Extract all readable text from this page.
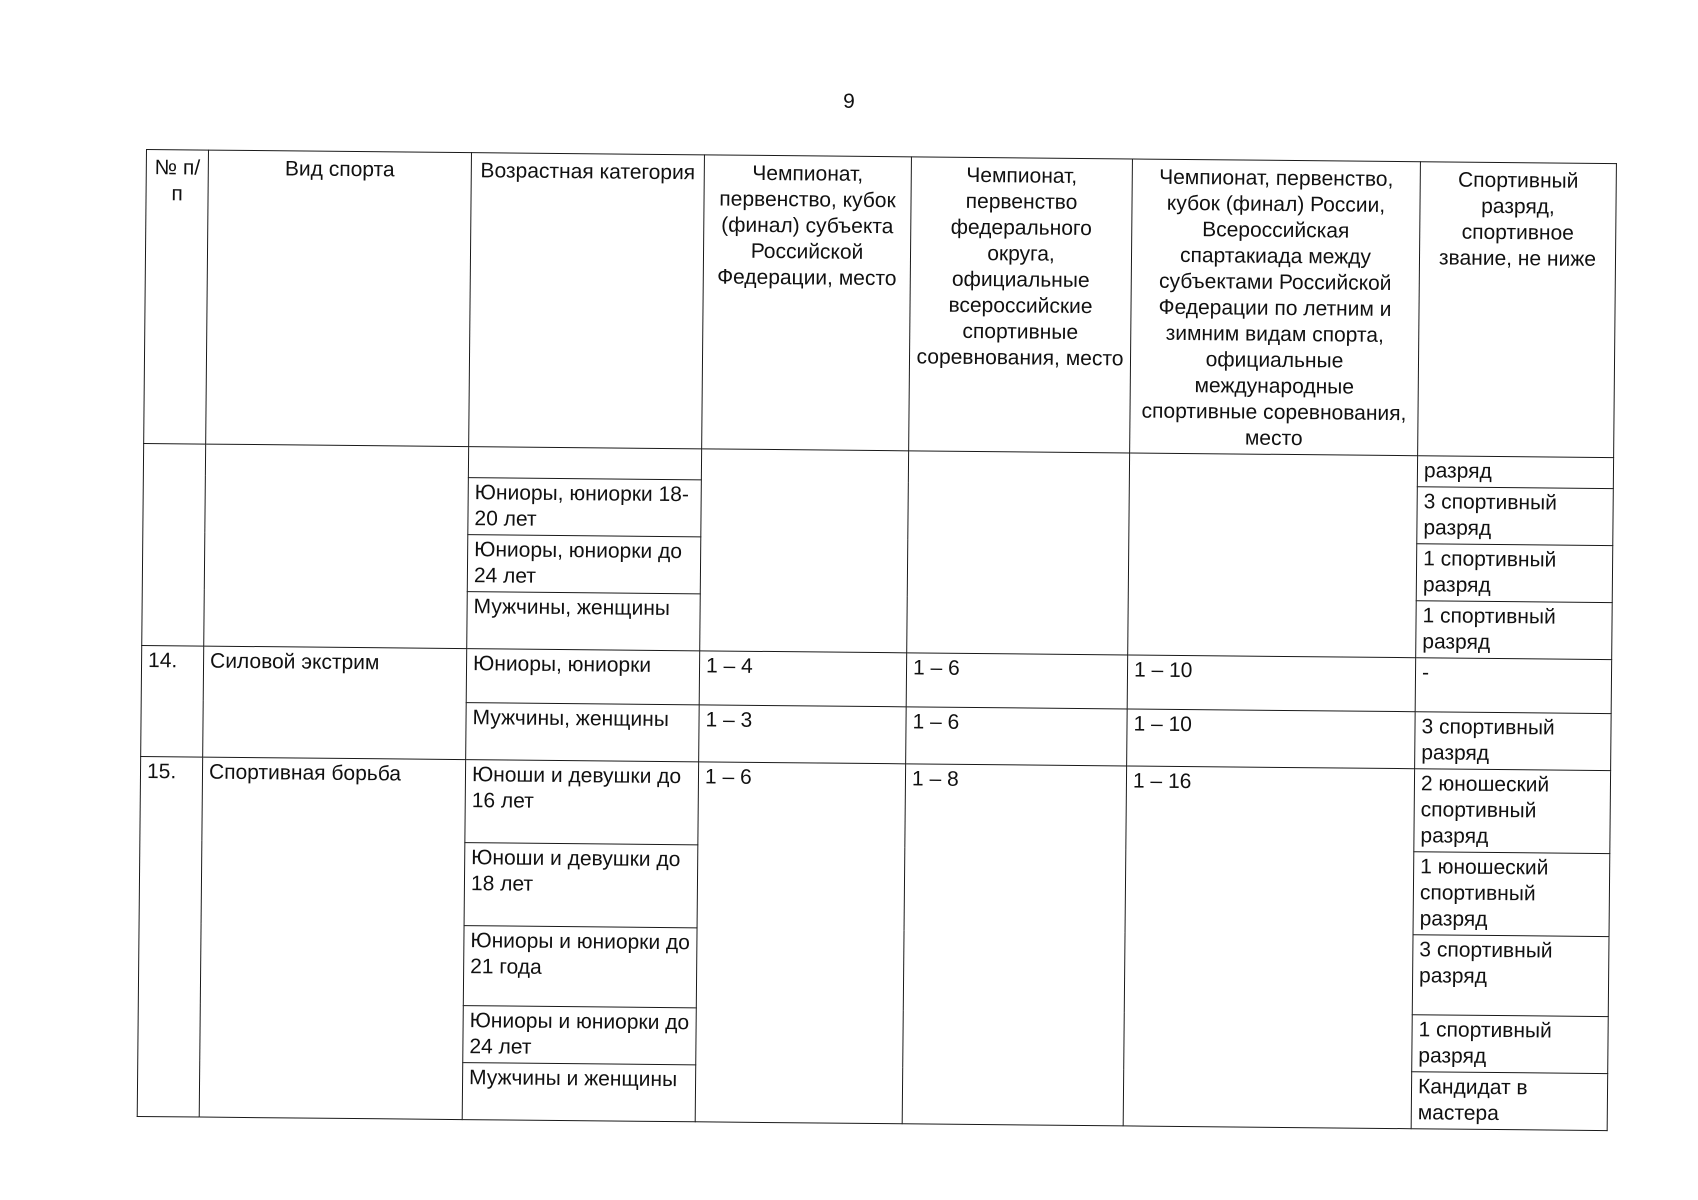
9
№ п/п	Вид спорта	Возрастная категория	Чемпионат, первенство, кубок (финал) субъекта Российской Федерации, место	Чемпионат, первенство федерального округа, официальные всероссийские спортивные соревнования, место	Чемпионат, первенство, кубок (финал) России, Всероссийская спартакиада между субъектами Российской Федерации по летним и зимним видам спорта, официальные международные спортивные соревнования, место	Спортивный разряд, спортивное звание, не ниже
						разряд
		Юниоры, юниорки 18-20 лет				3 спортивный разряд
		Юниоры, юниорки до 24 лет				1 спортивный разряд
		Мужчины, женщины				1 спортивный разряд
14.	Силовой экстрим	Юниоры, юниорки	1 – 4	1 – 6	1 – 10	-
		Мужчины, женщины	1 – 3	1 – 6	1 – 10	3 спортивный разряд
15.	Спортивная борьба	Юноши и девушки до 16 лет	1 – 6	1 – 8	1 – 16	2 юношеский спортивный разряд
		Юноши и девушки до 18 лет				1 юношеский спортивный разряд
		Юниоры и юниорки до 21 года				3 спортивный разряд
		Юниоры и юниорки до 24 лет				1 спортивный разряд
		Мужчины и женщины				Кандидат в мастера
